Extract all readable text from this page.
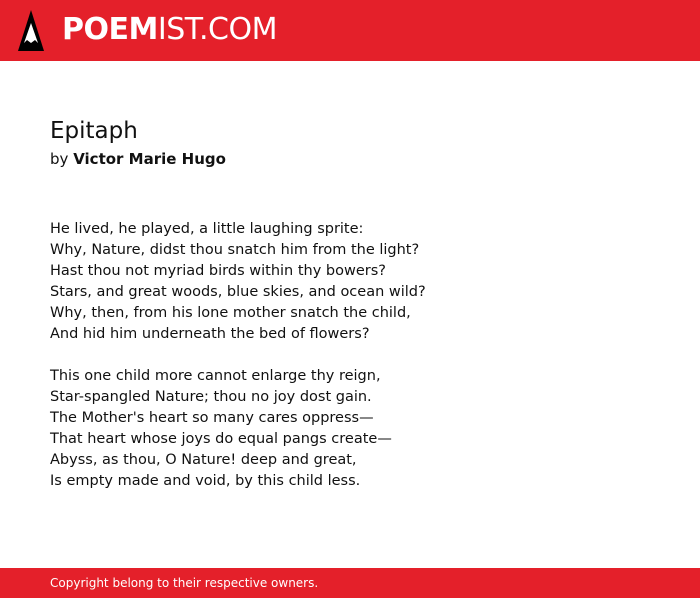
POEMIST.COM
Epitaph
by Victor Marie Hugo
He lived, he played, a little laughing sprite:
Why, Nature, didst thou snatch him from the light?
Hast thou not myriad birds within thy bowers?
Stars, and great woods, blue skies, and ocean wild?
Why, then, from his lone mother snatch the child,
And hid him underneath the bed of flowers?
This one child more cannot enlarge thy reign,
Star-spangled Nature; thou no joy dost gain.
The Mother's heart so many cares oppress—
That heart whose joys do equal pangs create—
Abyss, as thou, O Nature! deep and great,
Is empty made and void, by this child less.
Copyright belong to their respective owners.
